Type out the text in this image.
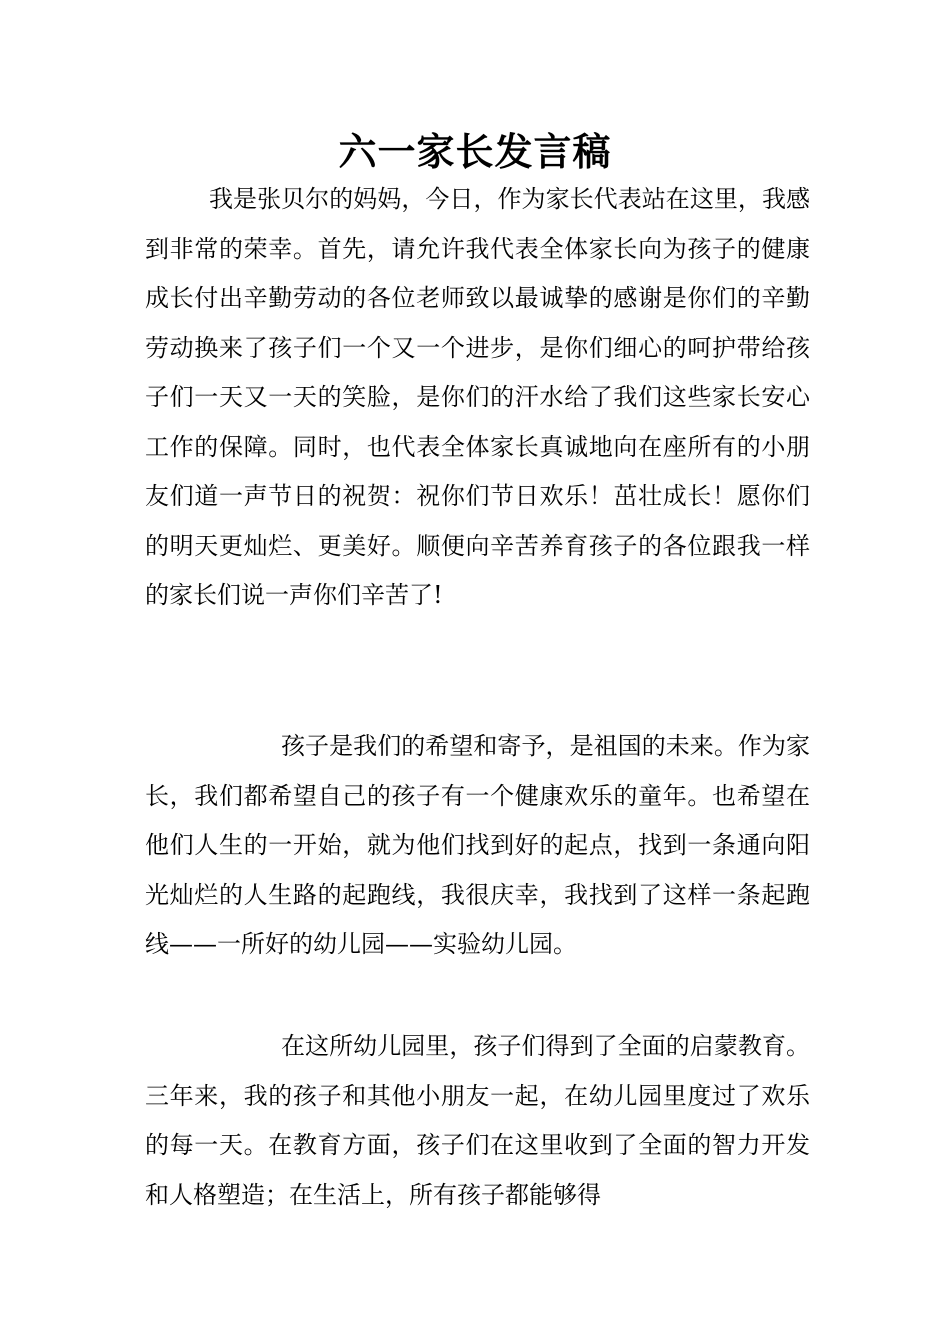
六一家长发言稿

我是张贝尔的妈妈，今日，作为家长代表站在这里，我感到非常的荣幸。首先，请允许我代表全体家长向为孩子的健康成长付出辛勤劳动的各位老师致以最诚挚的感谢是你们的辛勤劳动换来了孩子们一个又一个进步，是你们细心的呵护带给孩子们一天又一天的笑脸，是你们的汗水给了我们这些家长安心工作的保障。同时，也代表全体家长真诚地向在座所有的小朋友们道一声节日的祝贺：祝你们节日欢乐！茁壮成长！愿你们的明天更灿烂、更美好。顺便向辛苦养育孩子的各位跟我一样的家长们说一声你们辛苦了!

孩子是我们的希望和寄予，是祖国的未来。作为家长，我们都希望自己的孩子有一个健康欢乐的童年。也希望在他们人生的一开始，就为他们找到好的起点，找到一条通向阳光灿烂的人生路的起跑线，我很庆幸，我找到了这样一条起跑线——一所好的幼儿园——实验幼儿园。

在这所幼儿园里，孩子们得到了全面的启蒙教育。三年来，我的孩子和其他小朋友一起，在幼儿园里度过了欢乐的每一天。在教育方面，孩子们在这里收到了全面的智力开发和人格塑造；在生活上，所有孩子都能够得
